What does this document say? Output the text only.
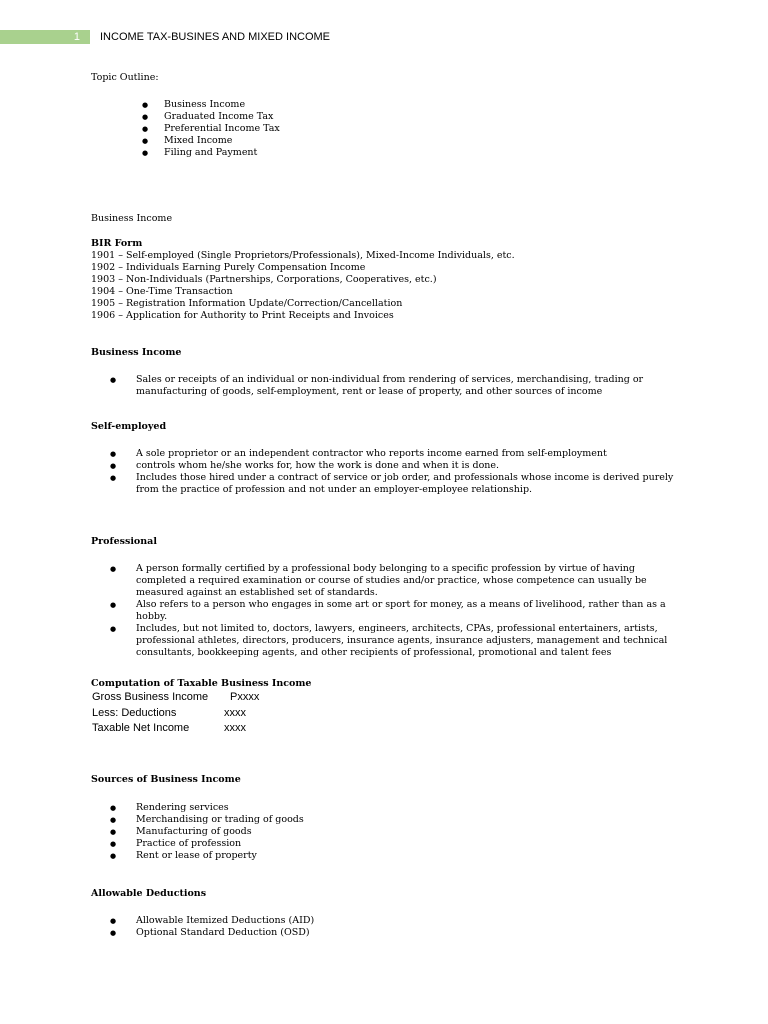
1	INCOME TAX-BUSINES AND MIXED INCOME
Topic Outline:
● Business Income
● Graduated Income Tax
● Preferential Income Tax
● Mixed Income
● Filing and Payment
Business Income
BIR Form
1901 – Self-employed (Single Proprietors/Professionals), Mixed-Income Individuals, etc.
1902 – Individuals Earning Purely Compensation Income
1903 – Non-Individuals (Partnerships, Corporations, Cooperatives, etc.)
1904 – One-Time Transaction
1905 – Registration Information Update/Correction/Cancellation
1906 – Application for Authority to Print Receipts and Invoices
Business Income
● Sales or receipts of an individual or non-individual from rendering of services, merchandising, trading or
manufacturing of goods, self-employment, rent or lease of property, and other sources of income
Self-employed
● A sole proprietor or an independent contractor who reports income earned from self-employment
● controls whom he/she works for, how the work is done and when it is done.
● Includes those hired under a contract of service or job order, and professionals whose income is derived purely
from the practice of profession and not under an employer-employee relationship.
Professional
● A person formally certified by a professional body belonging to a specific profession by virtue of having
completed a required examination or course of studies and/or practice, whose competence can usually be
measured against an established set of standards.
● Also refers to a person who engages in some art or sport for money, as a means of livelihood, rather than as a
hobby.
● Includes, but not limited to, doctors, lawyers, engineers, architects, CPAs, professional entertainers, artists,
professional athletes, directors, producers, insurance agents, insurance adjusters, management and technical
consultants, bookkeeping agents, and other recipients of professional, promotional and talent fees
Computation of Taxable Business Income
Gross Business Income Pxxxx
Less: Deductions	xxxx
Taxable Net Income	xxxx
Sources of Business Income
● Rendering services
● Merchandising or trading of goods
● Manufacturing of goods
● Practice of profession
● Rent or lease of property
Allowable Deductions
● Allowable Itemized Deductions (AID)
● Optional Standard Deduction (OSD)
